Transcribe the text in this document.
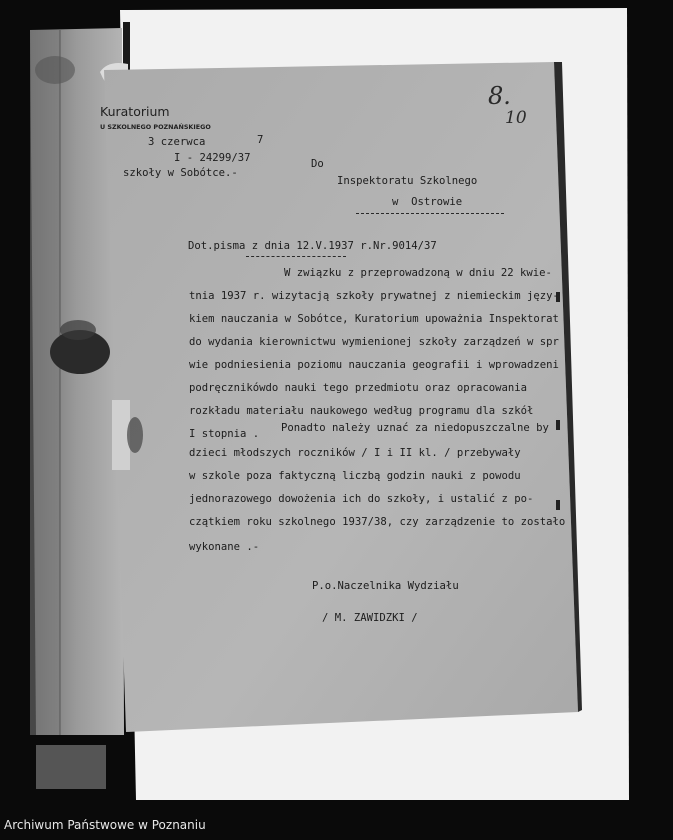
Kuratorium
U SZKOLNEGO POZNAŃSKIEGO
3 czerwca	7
I - 24299/37
szkoły w Sobótce.-
8.
10
Do
Inspektoratu Szkolnego
w  Ostrowie
Dot.pisma z dnia 12.V.1937 r.Nr.9014/37
W związku z przeprowadzoną w dniu 22 kwie-
tnia 1937 r. wizytacją szkoły prywatnej z niemieckim języ-
kiem nauczania w Sobótce, Kuratorium upoważnia Inspektorat
do wydania kierownictwu wymienionej szkoły zarządzeń w spr
wie podniesienia poziomu nauczania geografii i wprowadzeni
podręcznikówdo nauki tego przedmiotu oraz opracowania
rozkładu materiału naukowego według programu dla szkół
I stopnia . Ponadto należy uznać za niedopuszczalne by
dzieci młodszych roczników / I i II kl. / przebywały
w szkole poza faktyczną liczbą godzin nauki z powodu
jednorazowego dowożenia ich do szkoły, i ustalić z po-
czątkiem roku szkolnego 1937/38, czy zarządzenie to zostało
wykonane .-
P.o.Naczelnika Wydziału
/ M. ZAWIDZKI /
Archiwum Państwowe w Poznaniu
